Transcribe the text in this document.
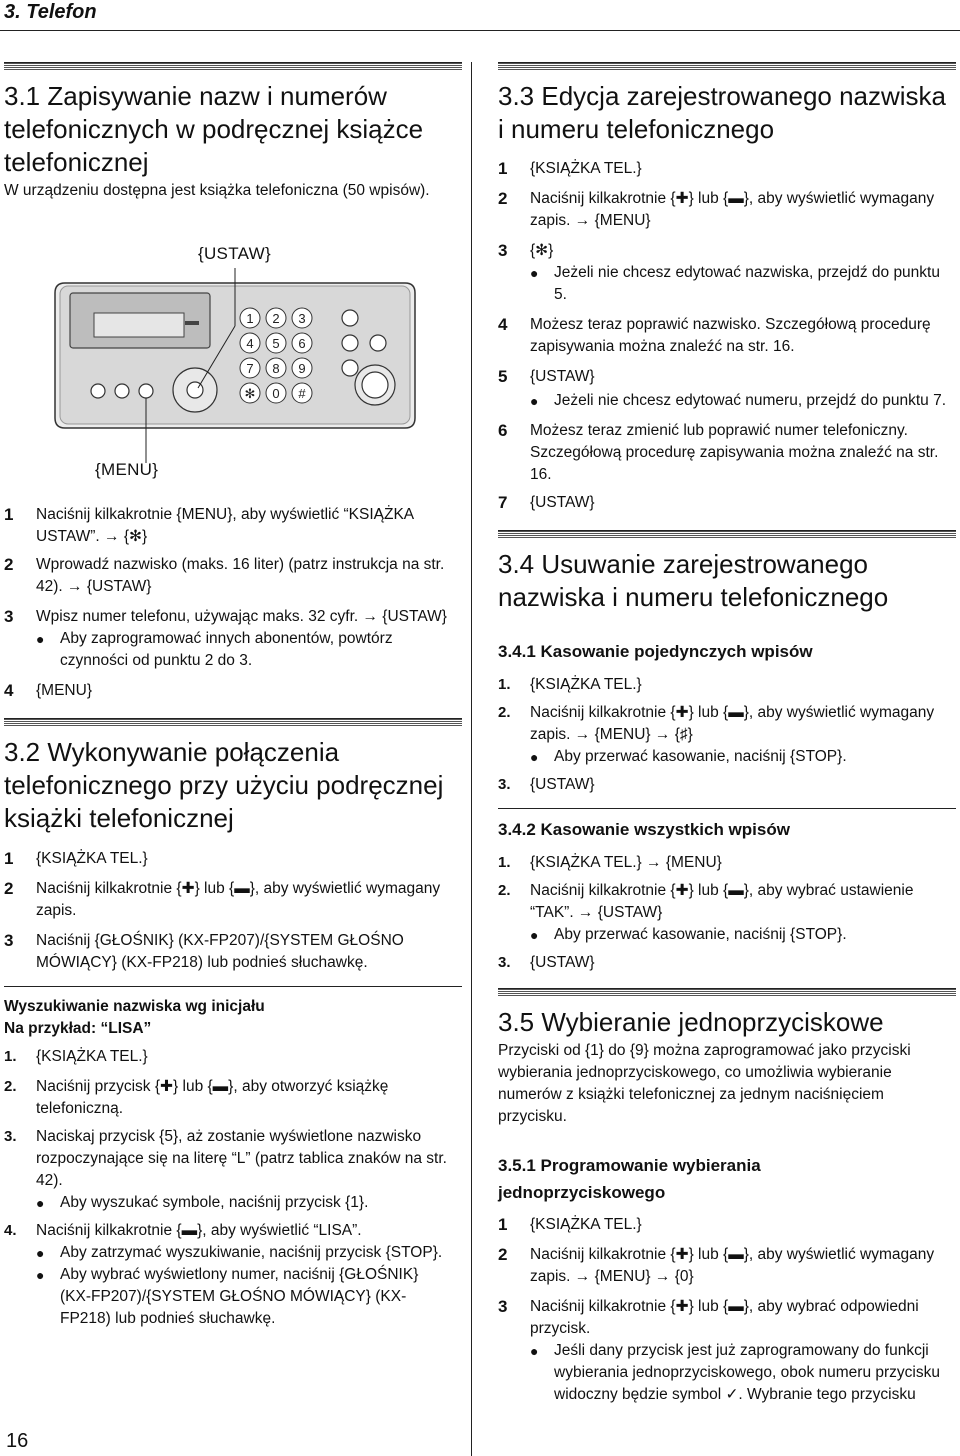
3. Telefon
3.1 Zapisywanie nazw i numerów
telefonicznych w podręcznej książce
telefonicznej
W urządzeniu dostępna jest książka telefoniczna (50 wpisów).
{USTAW}
{MENU}
1 2 3
4 5 6
7 8 9
✻ 0 #
1 Naciśnij kilkakrotnie {MENU}, aby wyświetlić “KSIĄŻKA
USTAW”. → {✻}
2 Wprowadź nazwisko (maks. 16 liter) (patrz instrukcja na str.
42). → {USTAW}
3 Wpisz numer telefonu, używając maks. 32 cyfr. → {USTAW}
● Aby zaprogramować innych abonentów, powtórz
czynności od punktu 2 do 3.
4 {MENU}
3.2 Wykonywanie połączenia
telefonicznego przy użyciu podręcznej
książki telefonicznej
1 {KSIĄŻKA TEL.}
2 Naciśnij kilkakrotnie {✚} lub {▬}, aby wyświetlić wymagany
zapis.
3 Naciśnij {GŁOŚNIK} (KX-FP207)/{SYSTEM GŁOŚNO
MÓWIĄCY} (KX-FP218) lub podnieś słuchawkę.
Wyszukiwanie nazwiska wg inicjału
Na przykład: “LISA”
1. {KSIĄŻKA TEL.}
2. Naciśnij przycisk {✚} lub {▬}, aby otworzyć książkę
telefoniczną.
3. Naciskaj przycisk {5}, aż zostanie wyświetlone nazwisko
rozpoczynające się na literę “L” (patrz tablica znaków na str.
42).
● Aby wyszukać symbole, naciśnij przycisk {1}.
4. Naciśnij kilkakrotnie {▬}, aby wyświetlić “LISA”.
● Aby zatrzymać wyszukiwanie, naciśnij przycisk {STOP}.
● Aby wybrać wyświetlony numer, naciśnij {GŁOŚNIK}
(KX-FP207)/{SYSTEM GŁOŚNO MÓWIĄCY} (KX-
FP218) lub podnieś słuchawkę.
16
3.3 Edycja zarejestrowanego nazwiska
i numeru telefonicznego
1 {KSIĄŻKA TEL.}
2 Naciśnij kilkakrotnie {✚} lub {▬}, aby wyświetlić wymagany
zapis. → {MENU}
3 {✻}
● Jeżeli nie chcesz edytować nazwiska, przejdź do punktu
5.
4 Możesz teraz poprawić nazwisko. Szczegółową procedurę
zapisywania można znaleźć na str. 16.
5 {USTAW}
● Jeżeli nie chcesz edytować numeru, przejdź do punktu 7.
6 Możesz teraz zmienić lub poprawić numer telefoniczny.
Szczegółową procedurę zapisywania można znaleźć na str.
16.
7 {USTAW}
3.4 Usuwanie zarejestrowanego
nazwiska i numeru telefonicznego
3.4.1 Kasowanie pojedynczych wpisów
1. {KSIĄŻKA TEL.}
2. Naciśnij kilkakrotnie {✚} lub {▬}, aby wyświetlić wymagany
zapis. → {MENU} → {♯}
● Aby przerwać kasowanie, naciśnij {STOP}.
3. {USTAW}
3.4.2 Kasowanie wszystkich wpisów
1. {KSIĄŻKA TEL.} → {MENU}
2. Naciśnij kilkakrotnie {✚} lub {▬}, aby wybrać ustawienie
“TAK”. → {USTAW}
● Aby przerwać kasowanie, naciśnij {STOP}.
3. {USTAW}
3.5 Wybieranie jednoprzyciskowe
Przyciski od {1} do {9} można zaprogramować jako przyciski
wybierania jednoprzyciskowego, co umożliwia wybieranie
numerów z książki telefonicznej za jednym naciśnięciem
przycisku.
3.5.1 Programowanie wybierania
jednoprzyciskowego
1 {KSIĄŻKA TEL.}
2 Naciśnij kilkakrotnie {✚} lub {▬}, aby wyświetlić wymagany
zapis. → {MENU} → {0}
3 Naciśnij kilkakrotnie {✚} lub {▬}, aby wybrać odpowiedni
przycisk.
● Jeśli dany przycisk jest już zaprogramowany do funkcji
wybierania jednoprzyciskowego, obok numeru przycisku
widoczny będzie symbol ✓. Wybranie tego przycisku
